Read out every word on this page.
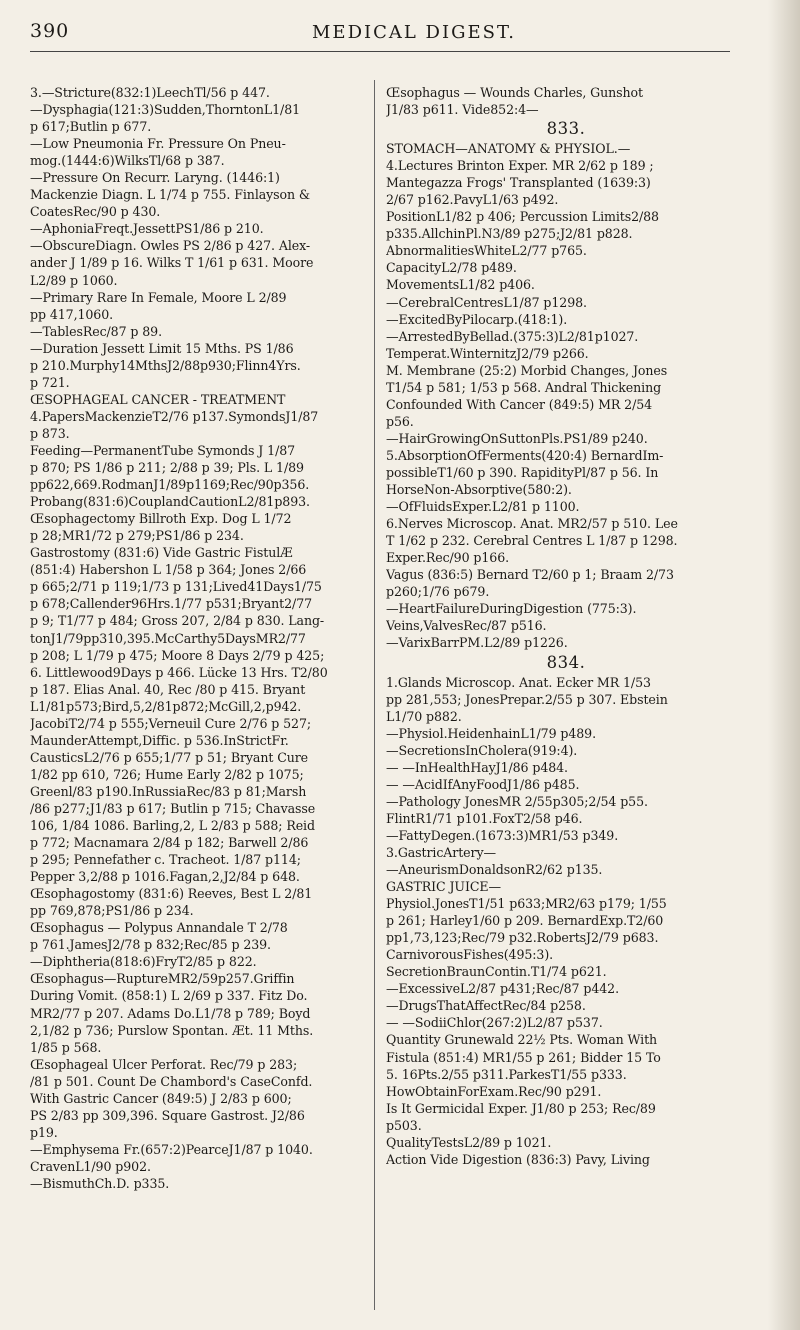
390	MEDICAL DIGEST.
3.—Stricture(832:1)LeechTl/56 p 447.
—Dysphagia(121:3)Sudden,ThorntonL1/81
p 617;Butlin p 677.
—Low Pneumonia Fr. Pressure On Pneu-
mog.(1444:6)WilksTl/68 p 387.
—Pressure On Recurr. Laryng. (1446:1)
Mackenzie Diagn. L 1/74 p 755. Finlayson &
CoatesRec/90 p 430.
—AphoniaFreqt.JessettPS1/86 p 210.
—ObscureDiagn. Owles PS 2/86 p 427. Alex-
ander J 1/89 p 16. Wilks T 1/61 p 631. Moore
L2/89 p 1060.
—Primary Rare In Female, Moore L 2/89
pp 417,1060.
—TablesRec/87 p 89.
—Duration Jessett Limit 15 Mths. PS 1/86
p 210.Murphy14MthsJ2/88p930;Flinn4Yrs.
p 721.
ŒSOPHAGEAL CANCER - TREATMENT
4.PapersMackenzieT2/76 p137.SymondsJ1/87
p 873.
Feeding—PermanentTube Symonds J 1/87
p 870; PS 1/86 p 211; 2/88 p 39; Pls. L 1/89
pp622,669.RodmanJ1/89p1169;Rec/90p356.
Probang(831:6)CouplandCautionL2/81p893.
Œsophagectomy Billroth Exp. Dog L 1/72
p 28;MR1/72 p 279;PS1/86 p 234.
Gastrostomy (831:6) Vide Gastric FistulÆ
(851:4) Habershon L 1/58 p 364; Jones 2/66
p 665;2/71 p 119;1/73 p 131;Lived41Days1/75
p 678;Callender96Hrs.1/77 p531;Bryant2/77
p 9; T1/77 p 484; Gross 207, 2/84 p 830. Lang-
tonJ1/79pp310,395.McCarthy5DaysMR2/77
p 208; L 1/79 p 475; Moore 8 Days 2/79 p 425;
6. Littlewood9Days p 466. Lücke 13 Hrs. T2/80
p 187. Elias Anal. 40, Rec /80 p 415. Bryant
L1/81p573;Bird,5,2/81p872;McGill,2,p942.
JacobiT2/74 p 555;Verneuil Cure 2/76 p 527;
MaunderAttempt,Diffic. p 536.InStrictFr.
CausticsL2/76 p 655;1/77 p 51; Bryant Cure
1/82 pp 610, 726; Hume Early 2/82 p 1075;
Greenl/83 p190.InRussiaRec/83 p 81;Marsh
/86 p277;J1/83 p 617; Butlin p 715; Chavasse
106, 1/84 1086. Barling,2, L 2/83 p 588; Reid
p 772; Macnamara 2/84 p 182; Barwell 2/86
p 295; Pennefather c. Tracheot. 1/87 p114;
Pepper 3,2/88 p 1016.Fagan,2,J2/84 p 648.
Œsophagostomy (831:6) Reeves, Best L 2/81
pp 769,878;PS1/86 p 234.
Œsophagus — Polypus Annandale T 2/78
p 761.JamesJ2/78 p 832;Rec/85 p 239.
—Diphtheria(818:6)FryT2/85 p 822.
Œsophagus—RuptureMR2/59p257.Griffin
During Vomit. (858:1) L 2/69 p 337. Fitz Do.
MR2/77 p 207. Adams Do.L1/78 p 789; Boyd
2,1/82 p 736; Purslow Spontan. Æt. 11 Mths.
1/85 p 568.
Œsophageal Ulcer Perforat. Rec/79 p 283;
/81 p 501. Count De Chambord's CaseConfd.
With Gastric Cancer (849:5) J 2/83 p 600;
PS 2/83 pp 309,396. Square Gastrost. J2/86
p19.
—Emphysema Fr.(657:2)PearceJ1/87 p 1040.
CravenL1/90 p902.
—BismuthCh.D. p335.
Œsophagus — Wounds Charles, Gunshot
J1/83 p611. Vide852:4—
833.
STOMACH—ANATOMY & PHYSIOL.—
4.Lectures Brinton Exper. MR 2/62 p 189 ;
Mantegazza Frogs' Transplanted (1639:3)
2/67 p162.PavyL1/63 p492.
PositionL1/82 p 406; Percussion Limits2/88
p335.AllchinPl.N3/89 p275;J2/81 p828.
AbnormalitiesWhiteL2/77 p765.
CapacityL2/78 p489.
MovementsL1/82 p406.
—CerebralCentresL1/87 p1298.
—ExcitedByPilocarp.(418:1).
—ArrestedByBellad.(375:3)L2/81p1027.
Temperat.WinternitzJ2/79 p266.
M. Membrane (25:2) Morbid Changes, Jones
T1/54 p 581; 1/53 p 568. Andral Thickening
Confounded With Cancer (849:5) MR 2/54
p56.
—HairGrowingOnSuttonPls.PS1/89 p240.
5.AbsorptionOfFerments(420:4) BernardIm-
possibleT1/60 p 390. RapidityPl/87 p 56. In
HorseNon-Absorptive(580:2).
—OfFluidsExper.L2/81 p 1100.
6.Nerves Microscop. Anat. MR2/57 p 510. Lee
T 1/62 p 232. Cerebral Centres L 1/87 p 1298.
Exper.Rec/90 p166.
Vagus (836:5) Bernard T2/60 p 1; Braam 2/73
p260;1/76 p679.
—HeartFailureDuringDigestion (775:3).
Veins,ValvesRec/87 p516.
—VarixBarrPM.L2/89 p1226.
834.
1.Glands Microscop. Anat. Ecker MR 1/53
pp 281,553; JonesPrepar.2/55 p 307. Ebstein
L1/70 p882.
—Physiol.HeidenhainL1/79 p489.
—SecretionsInCholera(919:4).
— —InHealthHayJ1/86 p484.
— —AcidIfAnyFoodJ1/86 p485.
—Pathology JonesMR 2/55p305;2/54 p55.
FlintR1/71 p101.FoxT2/58 p46.
—FattyDegen.(1673:3)MR1/53 p349.
3.GastricArtery—
—AneurismDonaldsonR2/62 p135.
GASTRIC JUICE—
Physiol.JonesT1/51 p633;MR2/63 p179; 1/55
p 261; Harley1/60 p 209. BernardExp.T2/60
pp1,73,123;Rec/79 p32.RobertsJ2/79 p683.
CarnivorousFishes(495:3).
SecretionBraunContin.T1/74 p621.
—ExcessiveL2/87 p431;Rec/87 p442.
—DrugsThatAffectRec/84 p258.
— —SodiiChlor(267:2)L2/87 p537.
Quantity Grunewald 22½ Pts. Woman With
Fistula (851:4) MR1/55 p 261; Bidder 15 To
5. 16Pts.2/55 p311.ParkesT1/55 p333.
HowObtainForExam.Rec/90 p291.
Is It Germicidal Exper. J1/80 p 253; Rec/89
p503.
QualityTestsL2/89 p 1021.
Action Vide Digestion (836:3) Pavy, Living
